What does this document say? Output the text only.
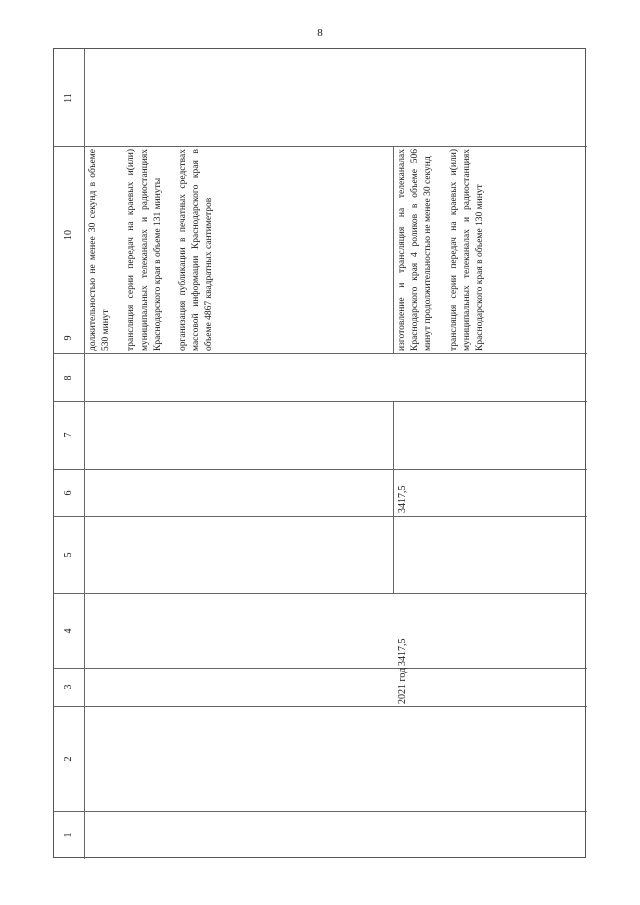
8
1
2
3
4
5
6
7
8
9
10
11

должительностью не менее 30 секунд в объеме 530 минут трансляция серии передач на краевых и(или) муниципальных телеканалах и радиостанциях Краснодарского края в объеме 131 минуты организация публикации в печатных средствах массовой информации Краснодарского края в объеме 4867 квадратных сантиметров	изготовление и трансляция на телеканалах Краснодарского края 4 роликов в объеме 506 минут продолжительностью не менее 30 секунд трансляция серии передач на краевых и(или) муниципальных телеканалах и радиостанциях Краснодарского края в объеме 130 минут

3417,5
3417,5
2021 год
